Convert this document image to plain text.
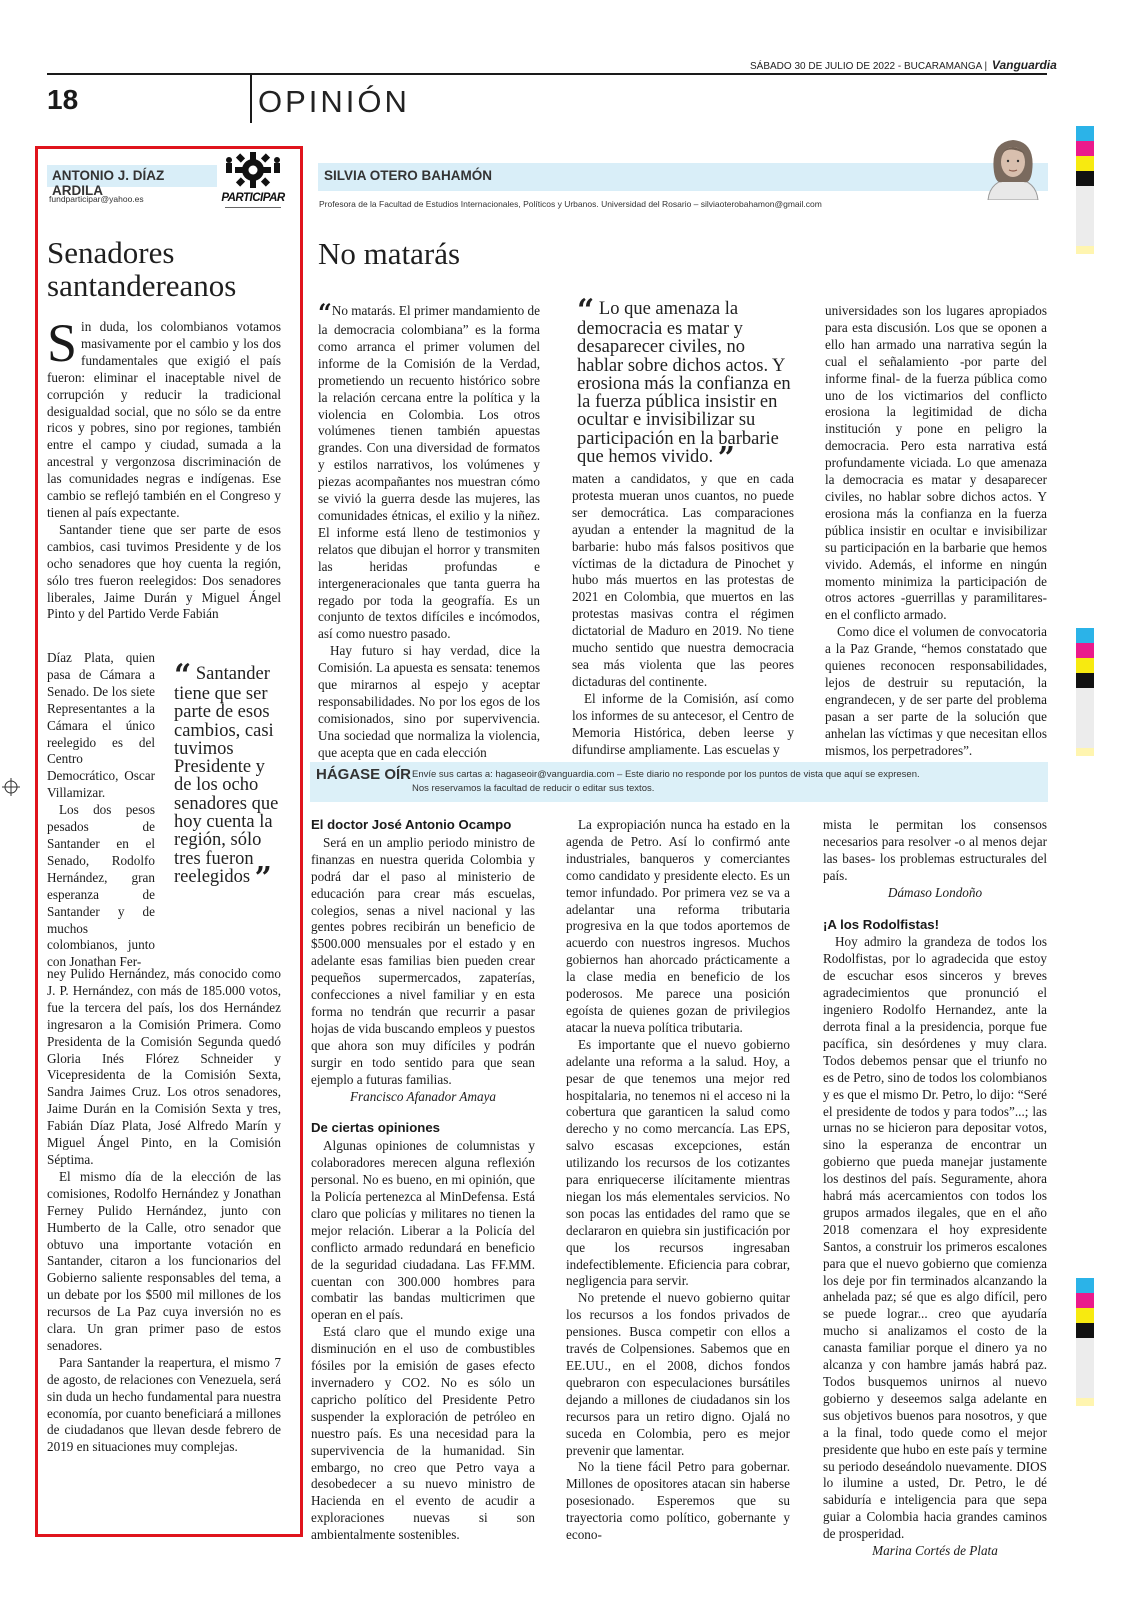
SÁBADO 30 DE JULIO DE 2022 - BUCARAMANGA | Vanguardia
18	OPINIÓN
ANTONIO J. DÍAZ ARDILA
fundparticipar@yahoo.es	PARTICIPAR
Senadores
santandereanos

Sin duda, los colombianos votamos masivamente por el cambio y los dos fundamentales que exigió el país fueron: eliminar el inaceptable nivel de corrupción y reducir la tradicional desigualdad social, que no sólo se da entre ricos y pobres, sino por regiones, también entre el campo y ciudad, sumada a la ancestral y vergonzosa discriminación de las comunidades negras e indígenas. Ese cambio se reflejó también en el Congreso y tienen al país expectante.

Santander tiene que ser parte de esos cambios, casi tuvimos Presidente y de los ocho senadores que hoy cuenta la región, sólo tres fueron reelegidos: Dos senadores liberales, Jaime Durán y Miguel Ángel Pinto y del Partido Verde Fabián

Díaz Plata, quien pasa de Cámara a Senado. De los siete Representantes a la Cámara el único reelegido es del Centro Democrático, Oscar Villamizar.

Los dos pesos pesados de Santander en el Senado, Rodolfo Hernández, gran esperanza de Santander y de muchos colombianos, junto con Jonathan Fer-

“ Santander tiene que ser parte de esos cambios, casi tuvimos Presidente y de los ocho senadores que hoy cuenta la región, sólo tres fueron reelegidos ”

ney Pulido Hernández, más conocido como J. P. Hernández, con más de 185.000 votos, fue la tercera del país, los dos Hernández ingresaron a la Comisión Primera. Como Presidenta de la Comisión Segunda quedó Gloria Inés Flórez Schneider y Vicepresidenta de la Comisión Sexta, Sandra Jaimes Cruz. Los otros senadores, Jaime Durán en la Comisión Sexta y tres, Fabián Díaz Plata, José Alfredo Marín y Miguel Ángel Pinto, en la Comisión Séptima.

El mismo día de la elección de las comisiones, Rodolfo Hernández y Jonathan Ferney Pulido Hernández, junto con Humberto de la Calle, otro senador que obtuvo una importante votación en Santander, citaron a los funcionarios del Gobierno saliente responsables del tema, a un debate por los $500 mil millones de los recursos de La Paz cuya inversión no es clara. Un gran primer paso de estos senadores.

Para Santander la reapertura, el mismo 7 de agosto, de relaciones con Venezuela, será sin duda un hecho fundamental para nuestra economía, por cuanto beneficiará a millones de ciudadanos que llevan desde febrero de 2019 en situaciones muy complejas.

SILVIA OTERO BAHAMÓN
Profesora de la Facultad de Estudios Internacionales, Políticos y Urbanos. Universidad del Rosario – silviaoterobahamon@gmail.com
No matarás

“No matarás. El primer mandamiento de la democracia colombiana” es la forma como arranca el primer volumen del informe de la Comisión de la Verdad, prometiendo un recuento histórico sobre la relación cercana entre la política y la violencia en Colombia. Los otros volúmenes tienen también apuestas grandes. Con una diversidad de formatos y estilos narrativos, los volúmenes y piezas acompañantes nos muestran cómo se vivió la guerra desde las mujeres, las comunidades étnicas, el exilio y la niñez. El informe está lleno de testimonios y relatos que dibujan el horror y transmiten las heridas profundas e intergeneracionales que tanta guerra ha regado por toda la geografía. Es un conjunto de textos difíciles e incómodos, así como nuestro pasado.

Hay futuro si hay verdad, dice la Comisión. La apuesta es sensata: tenemos que mirarnos al espejo y aceptar responsabilidades. No por los egos de los comisionados, sino por supervivencia. Una sociedad que normaliza la violencia, que acepta que en cada elección

“ Lo que amenaza la democracia es matar y desaparecer civiles, no hablar sobre dichos actos. Y erosiona más la confianza en la fuerza pública insistir en ocultar e invisibilizar su participación en la barbarie que hemos vivido. ”

maten a candidatos, y que en cada protesta mueran unos cuantos, no puede ser democrática. Las comparaciones ayudan a entender la magnitud de la barbarie: hubo más falsos positivos que víctimas de la dictadura de Pinochet y hubo más muertos en las protestas de 2021 en Colombia, que muertos en las protestas masivas contra el régimen dictatorial de Maduro en 2019. No tiene mucho sentido que nuestra democracia sea más violenta que las peores dictaduras del continente.

El informe de la Comisión, así como los informes de su antecesor, el Centro de Memoria Histórica, deben leerse y difundirse ampliamente. Las escuelas y

universidades son los lugares apropiados para esta discusión. Los que se oponen a ello han armado una narrativa según la cual el señalamiento -por parte del informe final- de la fuerza pública como uno de los victimarios del conflicto erosiona la legitimidad de dicha institución y pone en peligro la democracia. Pero esta narrativa está profundamente viciada. Lo que amenaza la democracia es matar y desaparecer civiles, no hablar sobre dichos actos. Y erosiona más la confianza en la fuerza pública insistir en ocultar e invisibilizar su participación en la barbarie que hemos vivido. Además, el informe en ningún momento minimiza la participación de otros actores -guerrillas y paramilitares- en el conflicto armado.

Como dice el volumen de convocatoria a la Paz Grande, “hemos constatado que quienes reconocen responsabilidades, lejos de destruir su reputación, la engrandecen, y de ser parte del problema pasan a ser parte de la solución que anhelan las víctimas y que necesitan ellos mismos, los perpetradores”.

HÁGASE OÍR Envíe sus cartas a: hagaseoir@vanguardia.com – Este diario no responde por los puntos de vista que aquí se expresen.
Nos reservamos la facultad de reducir o editar sus textos.
El doctor José Antonio Ocampo

Será en un amplio periodo ministro de finanzas en nuestra querida Colombia y podrá dar el paso al ministerio de educación para crear más escuelas, colegios, senas a nivel nacional y las gentes pobres recibirán un beneficio de $500.000 mensuales por el estado y en adelante esas familias bien pueden crear pequeños supermercados, zapaterías, confecciones a nivel familiar y en esta forma no tendrán que recurrir a pasar hojas de vida buscando empleos y puestos que ahora son muy difíciles y podrán surgir en todo sentido para que sean ejemplo a futuras familias.

Francisco Afanador Amaya

De ciertas opiniones

Algunas opiniones de columnistas y colaboradores merecen alguna reflexión personal. No es bueno, en mi opinión, que la Policía pertenezca al MinDefensa. Está claro que policías y militares no tienen la mejor relación. Liberar a la Policía del conflicto armado redundará en beneficio de la seguridad ciudadana. Las FF.MM. cuentan con 300.000 hombres para combatir las bandas multicrimen que operan en el país.

Está claro que el mundo exige una disminución en el uso de combustibles fósiles por la emisión de gases efecto invernadero y CO2. No es sólo un capricho político del Presidente Petro suspender la exploración de petróleo en nuestro país. Es una necesidad para la supervivencia de la humanidad. Sin embargo, no creo que Petro vaya a desobedecer a su nuevo ministro de Hacienda en el evento de acudir a exploraciones nuevas si son ambientalmente sostenibles.

La expropiación nunca ha estado en la agenda de Petro. Así lo confirmó ante industriales, banqueros y comerciantes como candidato y presidente electo. Es un temor infundado. Por primera vez se va a adelantar una reforma tributaria progresiva en la que todos aportemos de acuerdo con nuestros ingresos. Muchos gobiernos han ahorcado prácticamente a la clase media en beneficio de los poderosos. Me parece una posición egoísta de quienes gozan de privilegios atacar la nueva política tributaria.

Es importante que el nuevo gobierno adelante una reforma a la salud. Hoy, a pesar de que tenemos una mejor red hospitalaria, no tenemos ni el acceso ni la cobertura que garanticen la salud como derecho y no como mercancía. Las EPS, salvo escasas excepciones, están utilizando los recursos de los cotizantes para enriquecerse ilícitamente mientras niegan los más elementales servicios. No son pocas las entidades del ramo que se declararon en quiebra sin justificación por que los recursos ingresaban indefectiblemente. Eficiencia para cobrar, negligencia para servir.

No pretende el nuevo gobierno quitar los recursos a los fondos privados de pensiones. Busca competir con ellos a través de Colpensiones. Sabemos que en EE.UU., en el 2008, dichos fondos quebraron con especulaciones bursátiles dejando a millones de ciudadanos sin los recursos para un retiro digno. Ojalá no suceda en Colombia, pero es mejor prevenir que lamentar.

No la tiene fácil Petro para gobernar. Millones de opositores atacan sin haberse posesionado. Esperemos que su trayectoria como político, gobernante y econo-

mista le permitan los consensos necesarios para resolver -o al menos dejar las bases- los problemas estructurales del país.

Dámaso Londoño

¡A los Rodolfistas!

Hoy admiro la grandeza de todos los Rodolfistas, por lo agradecida que estoy de escuchar esos sinceros y breves agradecimientos que pronunció el ingeniero Rodolfo Hernandez, ante la derrota final a la presidencia, porque fue pacífica, sin desórdenes y muy clara. Todos debemos pensar que el triunfo no es de Petro, sino de todos los colombianos y es que el mismo Dr. Petro, lo dijo: “Seré el presidente de todos y para todos”...; las urnas no se hicieron para depositar votos, sino la esperanza de encontrar un gobierno que pueda manejar justamente los destinos del país. Seguramente, ahora habrá más acercamientos con todos los grupos armados ilegales, que en el año 2018 comenzara el hoy expresidente Santos, a construir los primeros escalones para que el nuevo gobierno que comienza los deje por fin terminados alcanzando la anhelada paz; sé que es algo difícil, pero se puede lograr... creo que ayudaría mucho si analizamos el costo de la canasta familiar porque el dinero ya no alcanza y con hambre jamás habrá paz. Todos busquemos unirnos al nuevo gobierno y deseemos salga adelante en sus objetivos buenos para nosotros, y que a la final, todo quede como el mejor presidente que hubo en este país y termine su periodo deseándolo nuevamente. DIOS lo ilumine a usted, Dr. Petro, le dé sabiduría e inteligencia para que sepa guiar a Colombia hacia grandes caminos de prosperidad.

Marina Cortés de Plata
